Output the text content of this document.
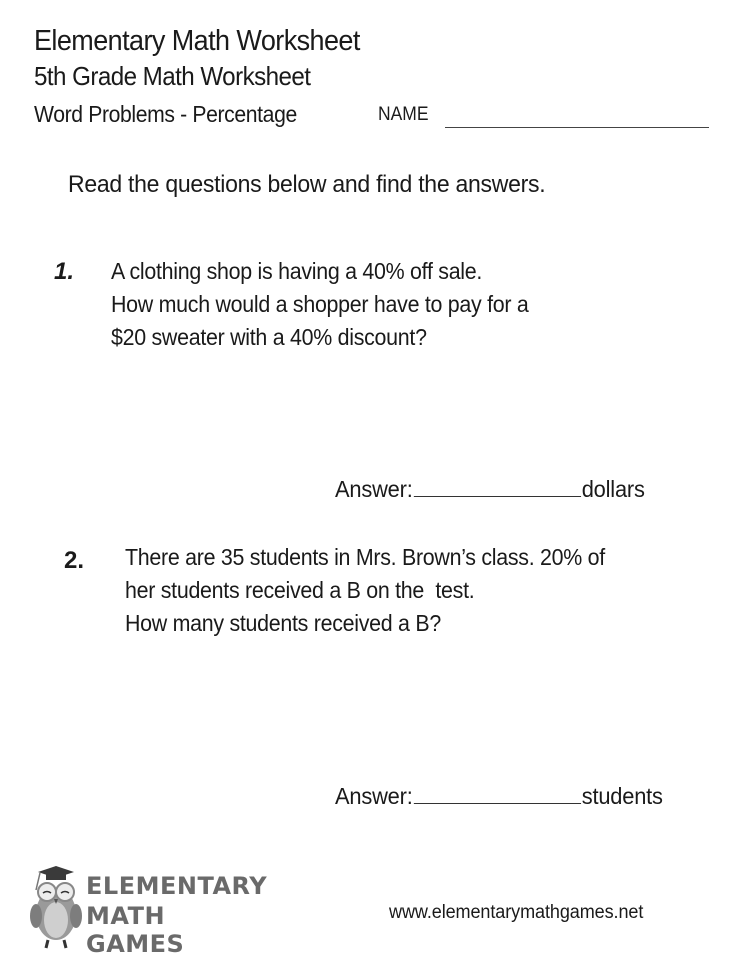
Elementary Math Worksheet
5th Grade Math Worksheet
Word Problems - Percentage	NAME
Read the questions below and find the answers.
1. A clothing shop is having a 40% off sale.
How much would a shopper have to pay for a
$20 sweater with a 40% discount?
Answer:	dollars
2. There are 35 students in Mrs. Brown’s class. 20% of
her students received a B on the  test.
How many students received a B?
Answer:	students
ELEMENTARY
MATH GAMES
www.elementarymathgames.net
